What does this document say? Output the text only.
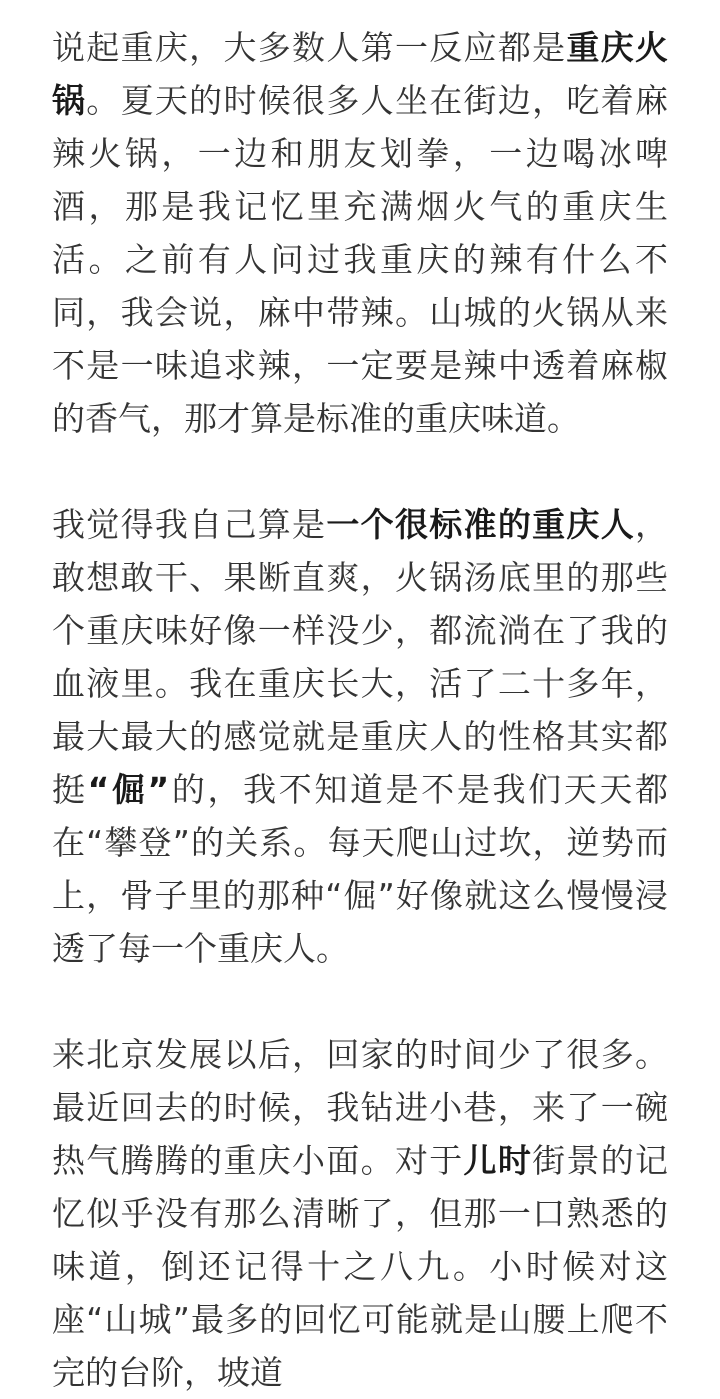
说起重庆，大多数人第一反应都是重庆火锅。夏天的时候很多人坐在街边，吃着麻辣火锅，一边和朋友划拳，一边喝冰啤酒，那是我记忆里充满烟火气的重庆生活。之前有人问过我重庆的辣有什么不同，我会说，麻中带辣。山城的火锅从来不是一味追求辣，一定要是辣中透着麻椒的香气，那才算是标准的重庆味道。

我觉得我自己算是一个很标准的重庆人，敢想敢干、果断直爽，火锅汤底里的那些个重庆味好像一样没少，都流淌在了我的血液里。我在重庆长大，活了二十多年，最大最大的感觉就是重庆人的性格其实都挺“倔”的，我不知道是不是我们天天都在“攀登”的关系。每天爬山过坎，逆势而上，骨子里的那种“倔”好像就这么慢慢浸透了每一个重庆人。

来北京发展以后，回家的时间少了很多。最近回去的时候，我钻进小巷，来了一碗热气腾腾的重庆小面。对于儿时街景的记忆似乎没有那么清晰了，但那一口熟悉的味道，倒还记得十之八九。小时候对这座“山城”最多的回忆可能就是山腰上爬不完的台阶，坡道
